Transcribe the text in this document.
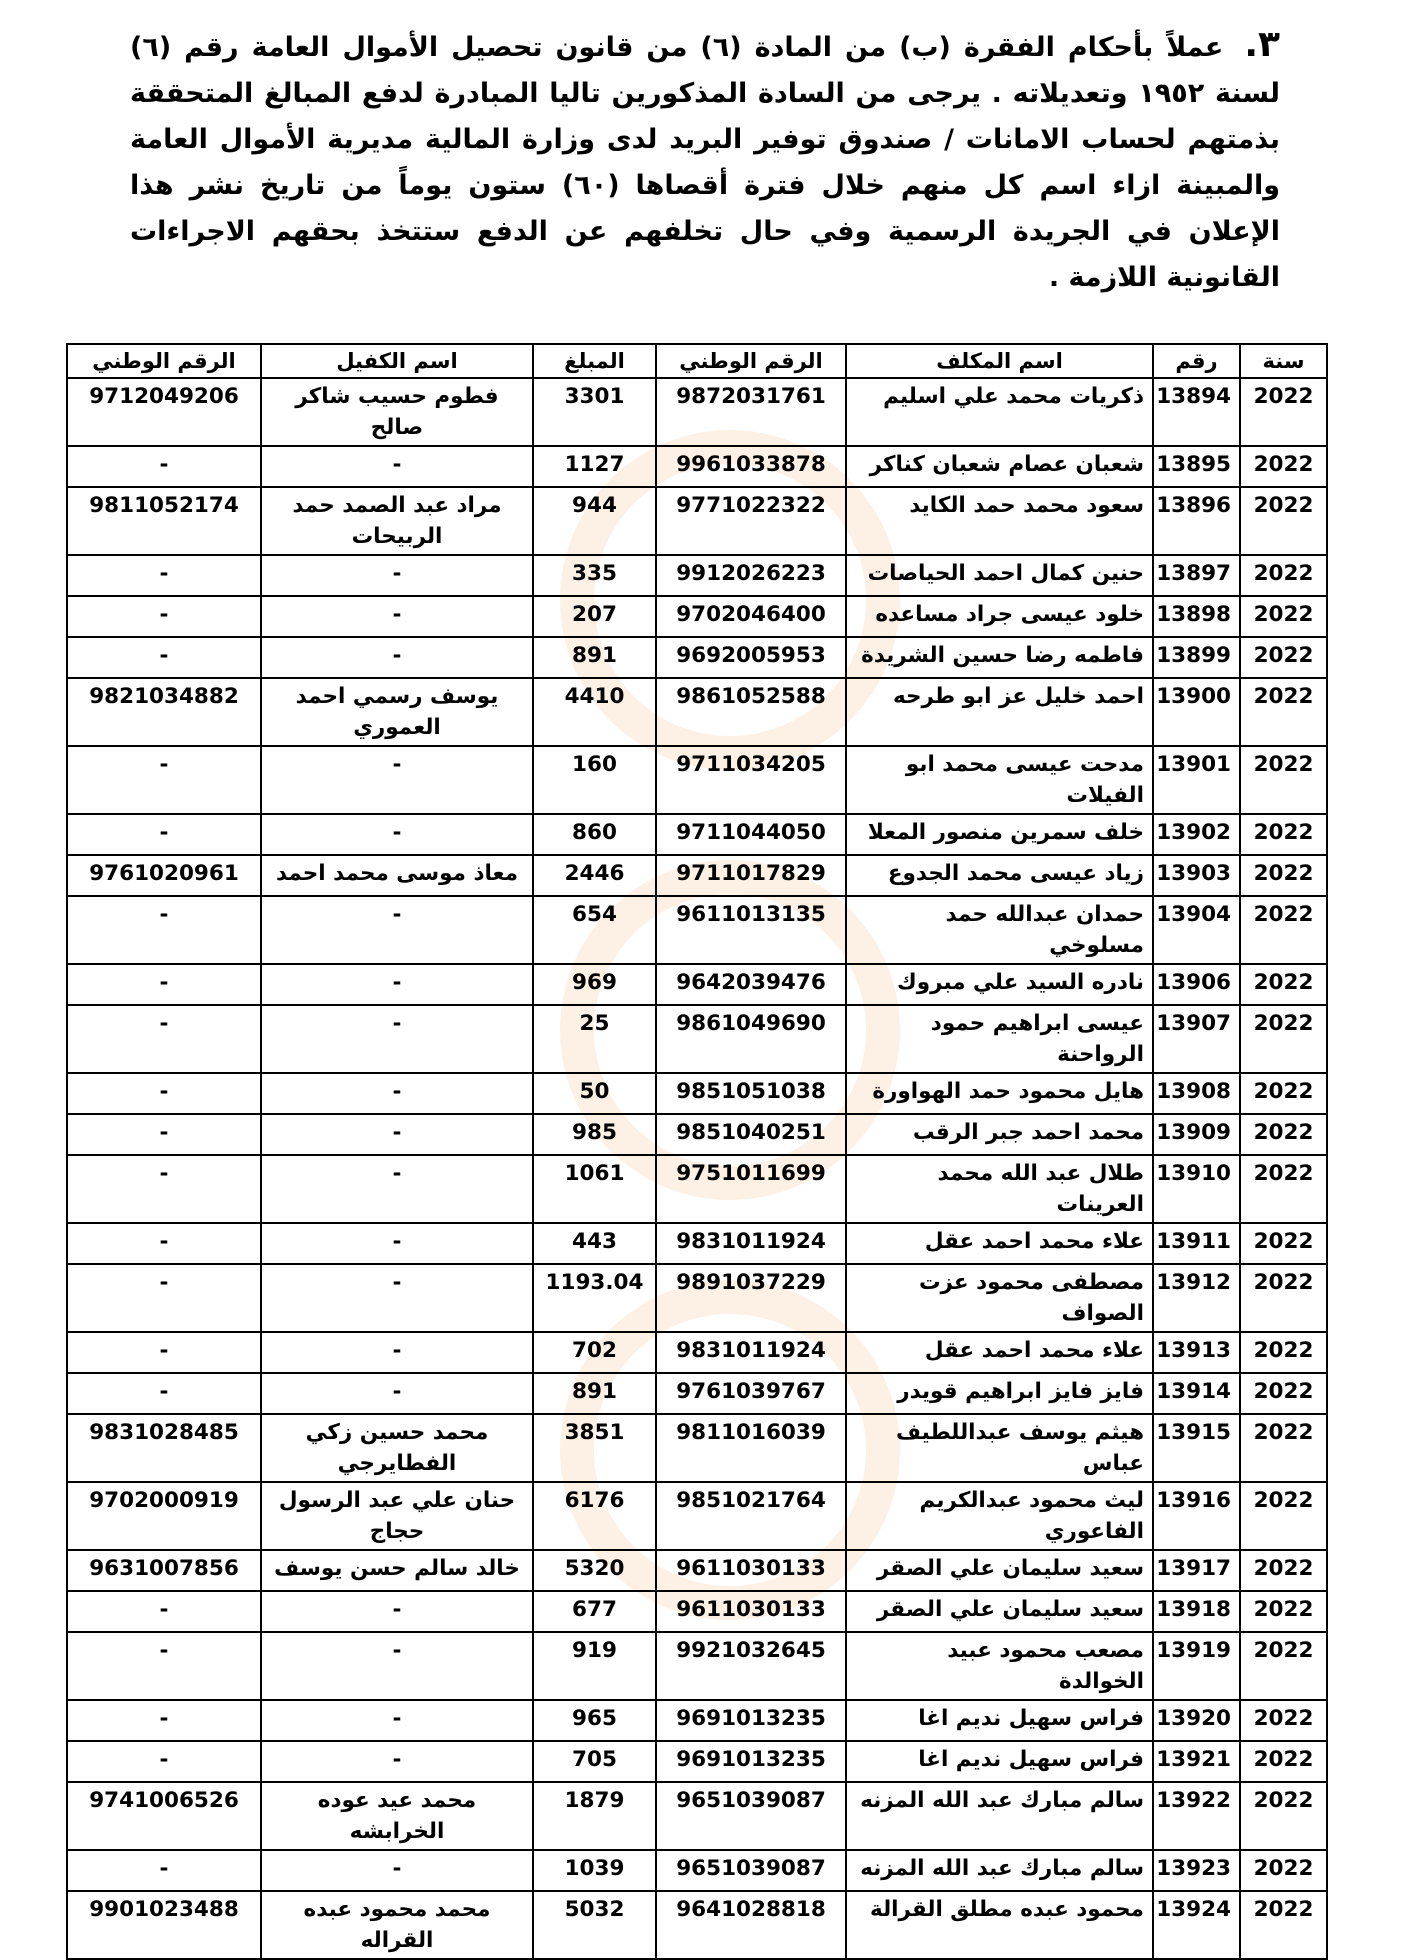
٣. عملاً بأحكام الفقرة (ب) من المادة (٦) من قانون تحصيل الأموال العامة رقم (٦) لسنة ١٩٥٢ وتعديلاته . يرجى من السادة المذكورين تاليا المبادرة لدفع المبالغ المتحققة بذمتهم لحساب الامانات / صندوق توفير البريد لدى وزارة المالية مديرية الأموال العامة والمبينة ازاء اسم كل منهم خلال فترة أقصاها (٦٠) ستون يوماً من تاريخ نشر هذا الإعلان في الجريدة الرسمية وفي حال تخلفهم عن الدفع ستتخذ بحقهم الاجراءات القانونية اللازمة .
سنة	رقم	اسم المكلف	الرقم الوطني	المبلغ	اسم الكفيل	الرقم الوطني
2022	13894	ذكريات محمد علي اسليم	9872031761	3301	فطوم حسيب شاكر صالح	9712049206
2022	13895	شعبان عصام شعبان كناكر	9961033878	1127	-	-
2022	13896	سعود محمد حمد الكايد	9771022322	944	مراد عبد الصمد حمد الربيحات	9811052174
2022	13897	حنين كمال احمد الحياصات	9912026223	335	-	-
2022	13898	خلود عيسى جراد مساعده	9702046400	207	-	-
2022	13899	فاطمه رضا حسين الشريدة	9692005953	891	-	-
2022	13900	احمد خليل عز ابو طرحه	9861052588	4410	يوسف رسمي احمد العموري	9821034882
2022	13901	مدحت عيسى محمد ابو الفيلات	9711034205	160	-	-
2022	13902	خلف سمرين منصور المعلا	9711044050	860	-	-
2022	13903	زياد عيسى محمد الجدوع	9711017829	2446	معاذ موسى محمد احمد	9761020961
2022	13904	حمدان عبدالله حمد مسلوخي	9611013135	654	-	-
2022	13906	نادره السيد علي مبروك	9642039476	969	-	-
2022	13907	عيسى ابراهيم حمود الرواحنة	9861049690	25	-	-
2022	13908	هايل محمود حمد الهواورة	9851051038	50	-	-
2022	13909	محمد احمد جبر الرقب	9851040251	985	-	-
2022	13910	طلال عبد الله محمد العرينات	9751011699	1061	-	-
2022	13911	علاء محمد احمد عقل	9831011924	443	-	-
2022	13912	مصطفى محمود عزت الصواف	9891037229	1193.04	-	-
2022	13913	علاء محمد احمد عقل	9831011924	702	-	-
2022	13914	فايز فايز ابراهيم قويدر	9761039767	891	-	-
2022	13915	هيثم يوسف عبداللطيف عباس	9811016039	3851	محمد حسين زكي الفطايرجي	9831028485
2022	13916	ليث محمود عبدالكريم الفاعوري	9851021764	6176	حنان علي عبد الرسول حجاج	9702000919
2022	13917	سعيد سليمان علي الصقر	9611030133	5320	خالد سالم حسن يوسف	9631007856
2022	13918	سعيد سليمان علي الصقر	9611030133	677	-	-
2022	13919	مصعب محمود عبيد الخوالدة	9921032645	919	-	-
2022	13920	فراس سهيل نديم اغا	9691013235	965	-	-
2022	13921	فراس سهيل نديم اغا	9691013235	705	-	-
2022	13922	سالم مبارك عبد الله المزنه	9651039087	1879	محمد عيد عوده الخرابشه	9741006526
2022	13923	سالم مبارك عبد الله المزنه	9651039087	1039	-	-
2022	13924	محمود عبده مطلق القرالة	9641028818	5032	محمد محمود عبده القراله	9901023488
